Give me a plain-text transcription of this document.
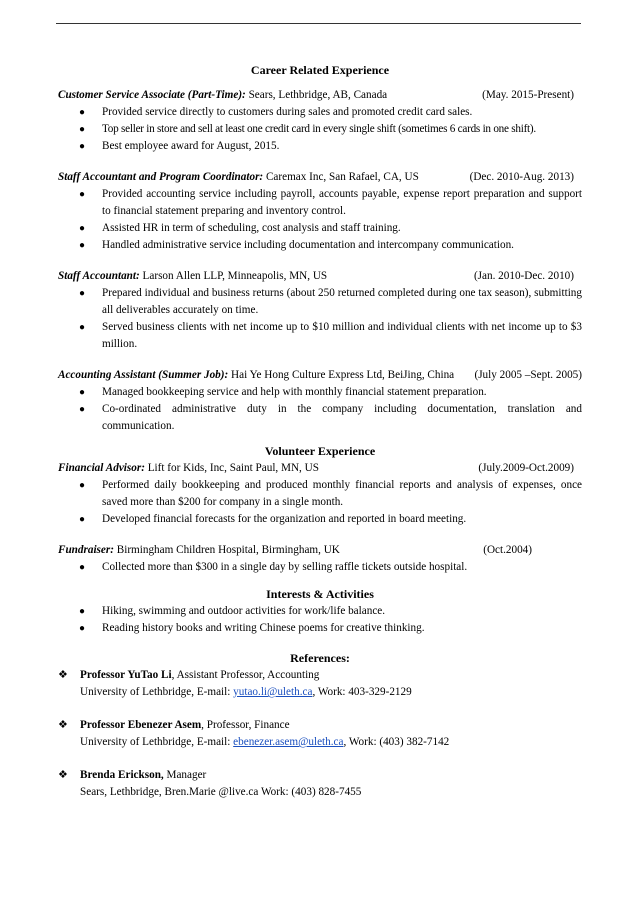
Career Related Experience
Customer Service Associate (Part-Time): Sears, Lethbridge, AB, Canada	(May. 2015-Present)
● Provided service directly to customers during sales and promoted credit card sales.
● Top seller in store and sell at least one credit card in every single shift (sometimes 6 cards in one shift).
● Best employee award for August, 2015.
Staff Accountant and Program Coordinator: Caremax Inc, San Rafael, CA, US	(Dec. 2010-Aug. 2013)
● Provided accounting service including payroll, accounts payable, expense report preparation and support to financial statement preparing and inventory control.
● Assisted HR in term of scheduling, cost analysis and staff training.
● Handled administrative service including documentation and intercompany communication.
Staff Accountant: Larson Allen LLP, Minneapolis, MN, US	(Jan. 2010-Dec. 2010)
● Prepared individual and business returns (about 250 returned completed during one tax season), submitting all deliverables accurately on time.
● Served business clients with net income up to $10 million and individual clients with net income up to $3 million.
Accounting Assistant (Summer Job): Hai Ye Hong Culture Express Ltd, BeiJing, China (July 2005 –Sept. 2005)
● Managed bookkeeping service and help with monthly financial statement preparation.
● Co-ordinated administrative duty in the company including documentation, translation and communication.
Volunteer Experience
Financial Advisor: Lift for Kids, Inc, Saint Paul, MN, US	(July.2009-Oct.2009)
● Performed daily bookkeeping and produced monthly financial reports and analysis of expenses, once saved more than $200 for company in a single month.
● Developed financial forecasts for the organization and reported in board meeting.
Fundraiser: Birmingham Children Hospital, Birmingham, UK	(Oct.2004)
● Collected more than $300 in a single day by selling raffle tickets outside hospital.
Interests & Activities
● Hiking, swimming and outdoor activities for work/life balance.
● Reading history books and writing Chinese poems for creative thinking.
References:
❖ Professor YuTao Li, Assistant Professor, Accounting
University of Lethbridge, E-mail: yutao.li@uleth.ca, Work: 403-329-2129
❖ Professor Ebenezer Asem, Professor, Finance
University of Lethbridge, E-mail: ebenezer.asem@uleth.ca, Work: (403) 382-7142
❖ Brenda Erickson, Manager
Sears, Lethbridge, Bren.Marie @live.ca Work: (403) 828-7455
